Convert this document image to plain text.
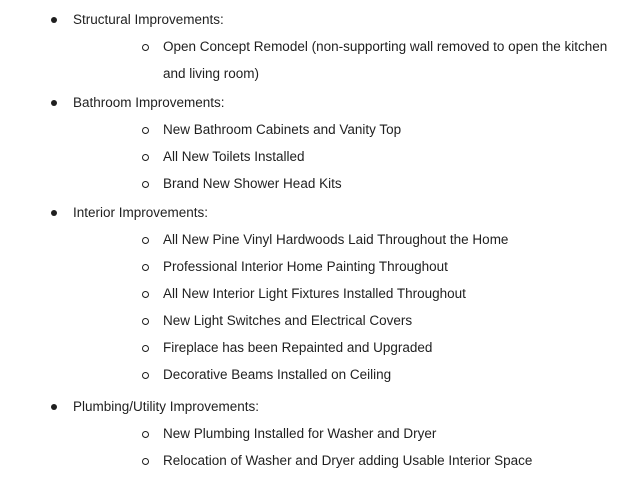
Structural Improvements:
Open Concept Remodel (non-supporting wall removed to open the kitchen
and living room)
Bathroom Improvements:
New Bathroom Cabinets and Vanity Top
All New Toilets Installed
Brand New Shower Head Kits
Interior Improvements:
All New Pine Vinyl Hardwoods Laid Throughout the Home
Professional Interior Home Painting Throughout
All New Interior Light Fixtures Installed Throughout
New Light Switches and Electrical Covers
Fireplace has been Repainted and Upgraded
Decorative Beams Installed on Ceiling
Plumbing/Utility Improvements:
New Plumbing Installed for Washer and Dryer
Relocation of Washer and Dryer adding Usable Interior Space
